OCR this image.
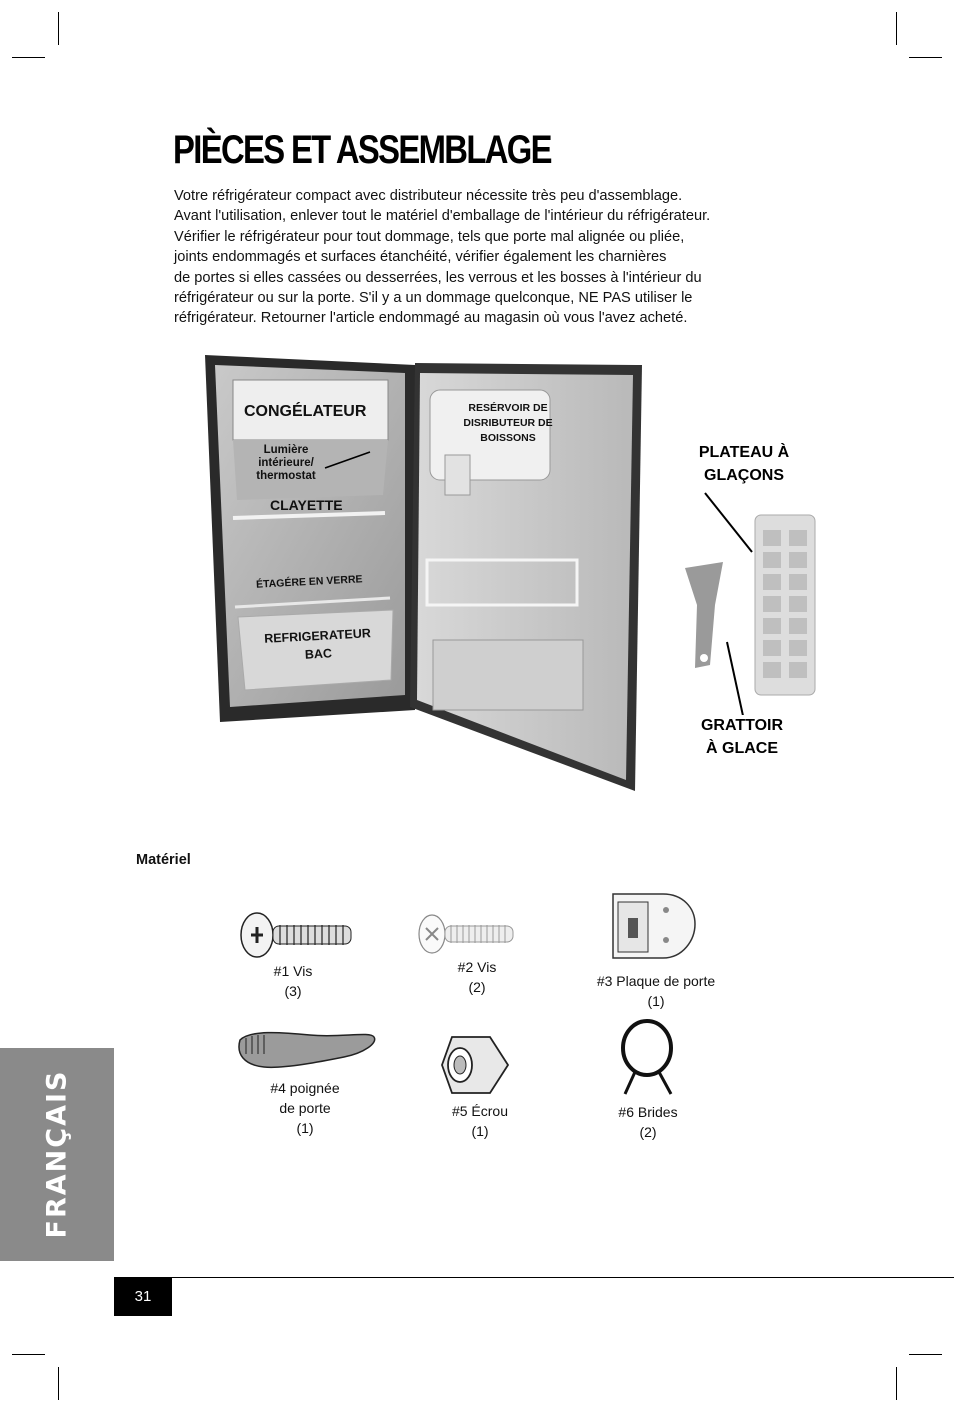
PIÈCES ET ASSEMBLAGE
Votre réfrigérateur compact avec distributeur nécessite très peu d'assemblage.
Avant l'utilisation, enlever tout le matériel d'emballage de l'intérieur du réfrigérateur.
Vérifier le réfrigérateur pour tout dommage, tels que porte mal alignée ou pliée,
joints endommagés et surfaces étanchéité, vérifier également les charnières
de portes si elles cassées ou desserrées, les verrous et les bosses à l'intérieur du
réfrigérateur ou sur la porte. S'il y a un dommage quelconque, NE PAS utiliser le
réfrigérateur. Retourner l'article endommagé au magasin où vous l'avez acheté.
CONGÉLATEUR
Lumière
intérieure/
thermostat
CLAYETTE
ÉTAGÉRE EN VERRE
REFRIGERATEUR
BAC
RESÉRVOIR DE
DISRIBUTEUR DE
BOISSONS
PLATEAU À
GLAÇONS
GRATTOIR
À GLACE
Matériel
#1 Vis
(3)
#2 Vis
(2)	#3 Plaque de porte
(1)
#4 poignée
de porte
(1)
#5 Écrou
(1)
#6 Brides
(2)
FRANÇAIS
31
